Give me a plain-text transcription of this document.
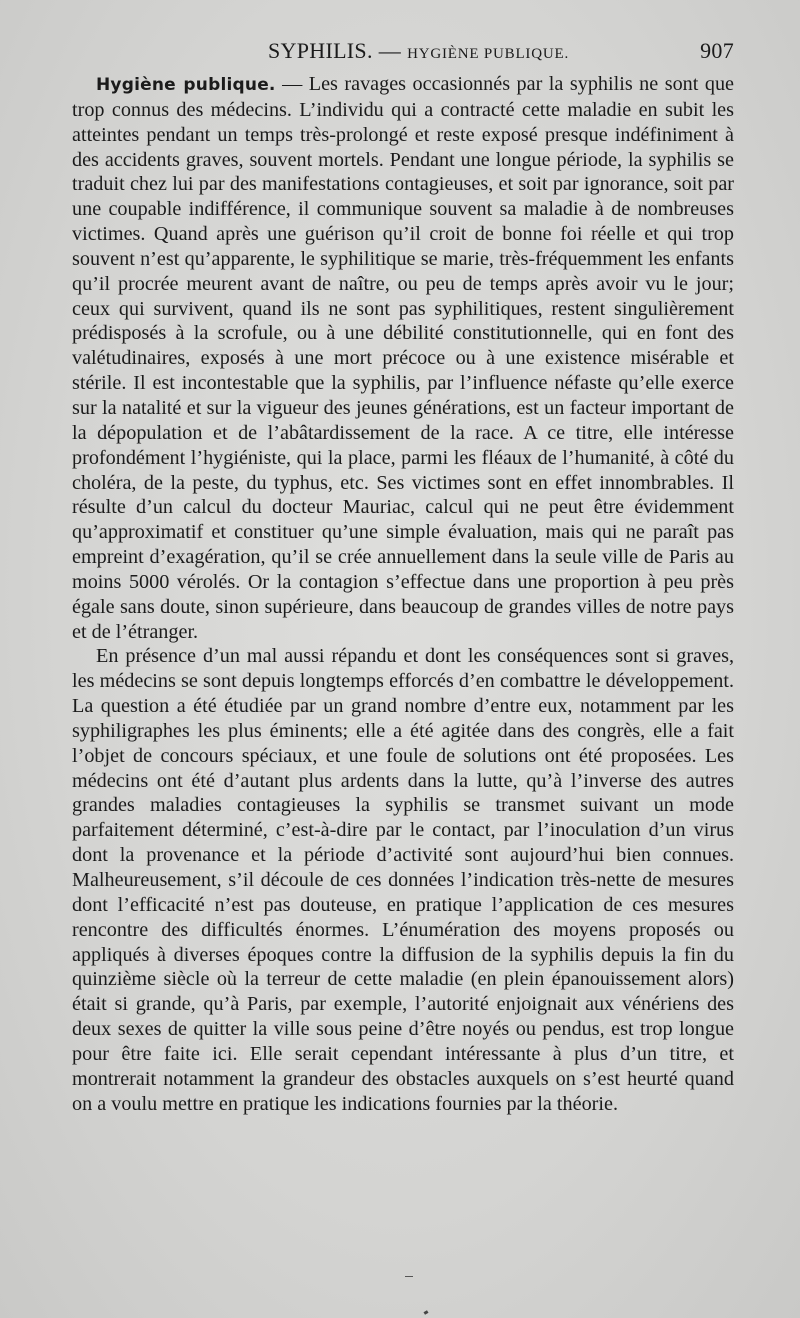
SYPHILIS. — HYGIÈNE PUBLIQUE.	907

Hygiène publique. — Les ravages occasionnés par la syphilis ne sont que trop connus des médecins. L’individu qui a contracté cette maladie en subit les atteintes pendant un temps très-prolongé et reste exposé presque indéfiniment à des accidents graves, souvent mortels. Pendant une longue période, la syphilis se traduit chez lui par des manifestations contagieuses, et soit par ignorance, soit par une coupable indifférence, il communique souvent sa maladie à de nombreuses victimes. Quand après une guérison qu’il croit de bonne foi réelle et qui trop souvent n’est qu’apparente, le syphilitique se marie, très-fréquemment les enfants qu’il procrée meurent avant de naître, ou peu de temps après avoir vu le jour; ceux qui survivent, quand ils ne sont pas syphilitiques, restent singulièrement prédisposés à la scrofule, ou à une débilité constitutionnelle, qui en font des valétudinaires, exposés à une mort précoce ou à une existence misérable et stérile. Il est incontestable que la syphilis, par l’influence néfaste qu’elle exerce sur la natalité et sur la vigueur des jeunes générations, est un facteur important de la dépopulation et de l’abâtardissement de la race. A ce titre, elle intéresse profondément l’hygiéniste, qui la place, parmi les fléaux de l’humanité, à côté du choléra, de la peste, du typhus, etc. Ses victimes sont en effet innombrables. Il résulte d’un calcul du docteur Mauriac, calcul qui ne peut être évidemment qu’approximatif et constituer qu’une simple évaluation, mais qui ne paraît pas empreint d’exagération, qu’il se crée annuellement dans la seule ville de Paris au moins 5000 vérolés. Or la contagion s’effectue dans une proportion à peu près égale sans doute, sinon supérieure, dans beaucoup de grandes villes de notre pays et de l’étranger.

En présence d’un mal aussi répandu et dont les conséquences sont si graves, les médecins se sont depuis longtemps efforcés d’en combattre le développement. La question a été étudiée par un grand nombre d’entre eux, notamment par les syphiligraphes les plus éminents; elle a été agitée dans des congrès, elle a fait l’objet de concours spéciaux, et une foule de solutions ont été proposées. Les médecins ont été d’autant plus ardents dans la lutte, qu’à l’inverse des autres grandes maladies contagieuses la syphilis se transmet suivant un mode parfaitement déterminé, c’est-à-dire par le contact, par l’inoculation d’un virus dont la provenance et la période d’activité sont aujourd’hui bien connues. Malheureusement, s’il découle de ces données l’indication très-nette de mesures dont l’efficacité n’est pas douteuse, en pratique l’application de ces mesures rencontre des difficultés énormes. L’énumération des moyens proposés ou appliqués à diverses époques contre la diffusion de la syphilis depuis la fin du quinzième siècle où la terreur de cette maladie (en plein épanouissement alors) était si grande, qu’à Paris, par exemple, l’autorité enjoignait aux vénériens des deux sexes de quitter la ville sous peine d’être noyés ou pendus, est trop longue pour être faite ici. Elle serait cependant intéressante à plus d’un titre, et montrerait notamment la grandeur des obstacles auxquels on s’est heurté quand on a voulu mettre en pratique les indications fournies par la théorie.
